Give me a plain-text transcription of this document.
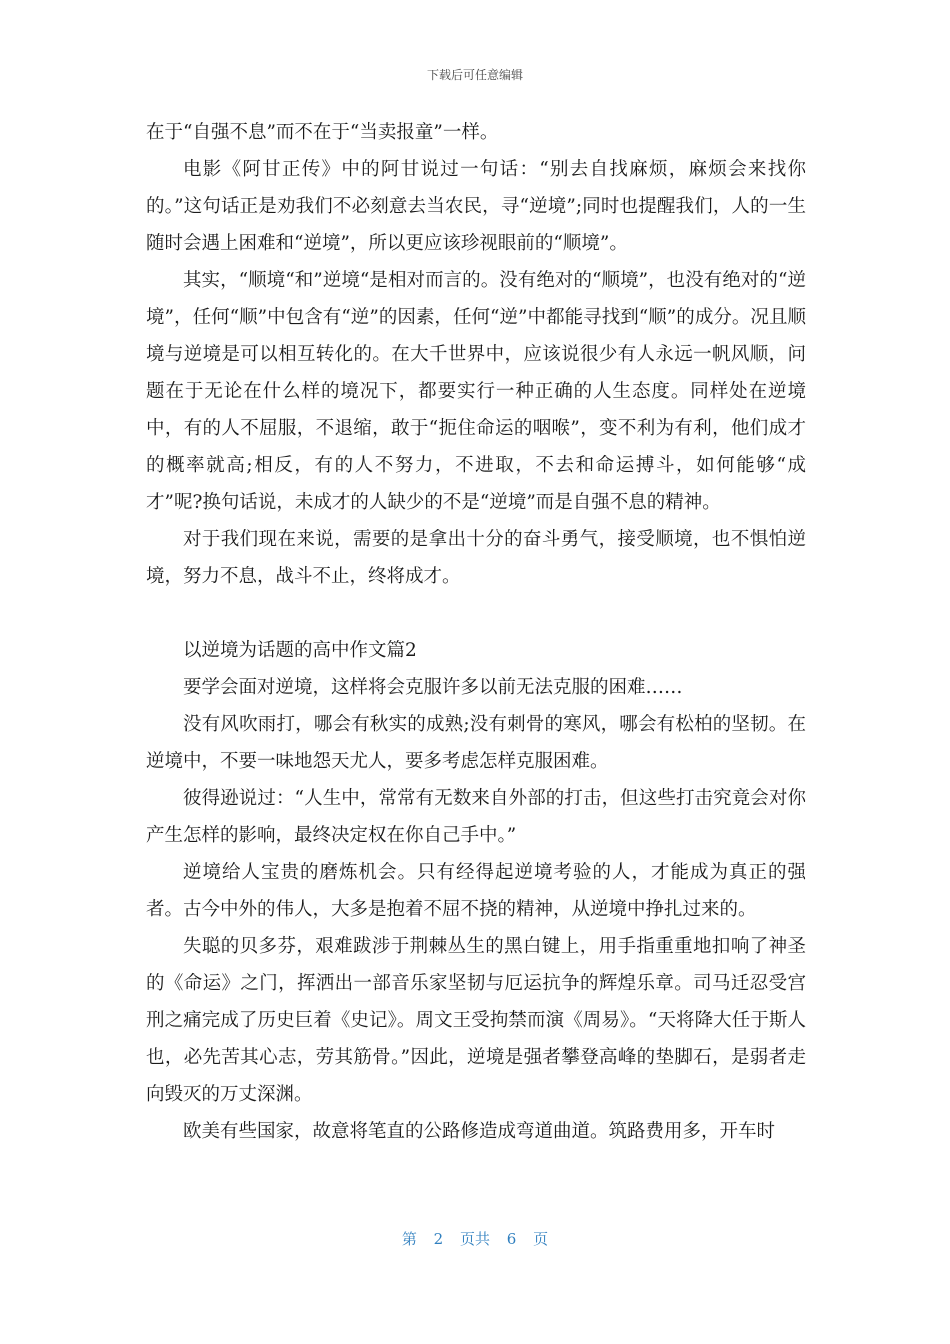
下载后可任意编辑

在于“自强不息”而不在于“当卖报童”一样。

电影《阿甘正传》中的阿甘说过一句话：“别去自找麻烦，麻烦会来找你的。”这句话正是劝我们不必刻意去当农民，寻“逆境”;同时也提醒我们，人的一生随时会遇上困难和“逆境”，所以更应该珍视眼前的“顺境”。

其实，“顺境“和”逆境“是相对而言的。没有绝对的“顺境”，也没有绝对的“逆境”，任何“顺”中包含有“逆”的因素，任何“逆”中都能寻找到“顺”的成分。况且顺境与逆境是可以相互转化的。在大千世界中，应该说很少有人永远一帆风顺，问题在于无论在什么样的境况下，都要实行一种正确的人生态度。同样处在逆境中，有的人不屈服，不退缩，敢于“扼住命运的咽喉”，变不利为有利，他们成才的概率就高;相反，有的人不努力，不进取，不去和命运搏斗，如何能够“成才”呢?换句话说，未成才的人缺少的不是“逆境”而是自强不息的精神。

对于我们现在来说，需要的是拿出十分的奋斗勇气，接受顺境，也不惧怕逆境，努力不息，战斗不止，终将成才。

以逆境为话题的高中作文篇2

要学会面对逆境，这样将会克服许多以前无法克服的困难……

没有风吹雨打，哪会有秋实的成熟;没有刺骨的寒风，哪会有松柏的坚韧。在逆境中，不要一味地怨天尤人，要多考虑怎样克服困难。

彼得逊说过：“人生中，常常有无数来自外部的打击，但这些打击究竟会对你产生怎样的影响，最终决定权在你自己手中。”

逆境给人宝贵的磨炼机会。只有经得起逆境考验的人，才能成为真正的强者。古今中外的伟人，大多是抱着不屈不挠的精神，从逆境中挣扎过来的。

失聪的贝多芬，艰难跋涉于荆棘丛生的黑白键上，用手指重重地扣响了神圣的《命运》之门，挥洒出一部音乐家坚韧与厄运抗争的辉煌乐章。司马迁忍受宫刑之痛完成了历史巨着《史记》。周文王受拘禁而演《周易》。“天将降大任于斯人也，必先苦其心志，劳其筋骨。”因此，逆境是强者攀登高峰的垫脚石，是弱者走向毁灭的万丈深渊。

欧美有些国家，故意将笔直的公路修造成弯道曲道。筑路费用多，开车时

第 2 页共 6 页
